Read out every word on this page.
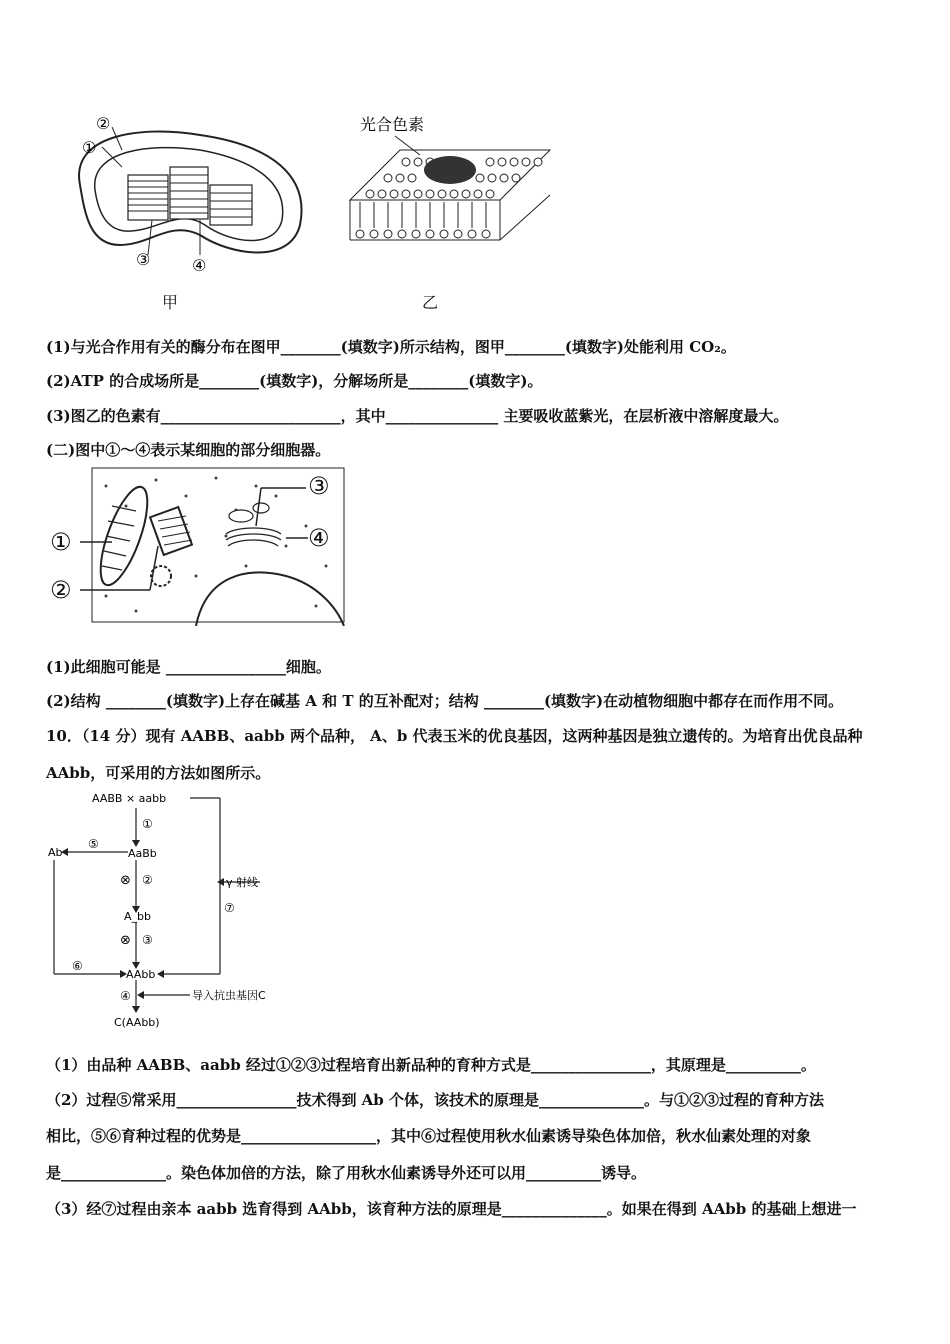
①
②
③	④
甲
光合色素
乙
(1)与光合作用有关的酶分布在图甲________(填数字)所示结构，图甲________(填数字)处能利用 CO₂。
(2)ATP 的合成场所是________(填数字)，分解场所是________(填数字)。
(3)图乙的色素有________________________，其中_______________ 主要吸收蓝紫光，在层析液中溶解度最大。
(二)图中①～④表示某细胞的部分细胞器。
①
②
③
④
(1)此细胞可能是 ________________细胞。
(2)结构 ________(填数字)上存在碱基 A 和 T 的互补配对；结构 ________(填数字)在动植物细胞中都存在而作用不同。
10．（14 分）现有 AABB、aabb 两个品种， A、b 代表玉米的优良基因，这两种基因是独立遗传的。为培育出优良品种
AAbb，可采用的方法如图所示。
AABB × aabb
AaBb
Ab
A_bb
AAbb
C(AAbb)
γ 射线
导入抗虫基因C
①
⊗ ②
⊗ ③
④
⑤
⑥
⑦
（1）由品种 AABB、aabb 经过①②③过程培育出新品种的育种方式是________________，其原理是__________。
（2）过程⑤常采用________________技术得到 Ab 个体，该技术的原理是______________。与①②③过程的育种方法
相比，⑤⑥育种过程的优势是__________________，其中⑥过程使用秋水仙素诱导染色体加倍，秋水仙素处理的对象
是______________。染色体加倍的方法，除了用秋水仙素诱导外还可以用__________诱导。
（3）经⑦过程由亲本 aabb 选育得到 AAbb，该育种方法的原理是______________。如果在得到 AAbb 的基础上想进一
